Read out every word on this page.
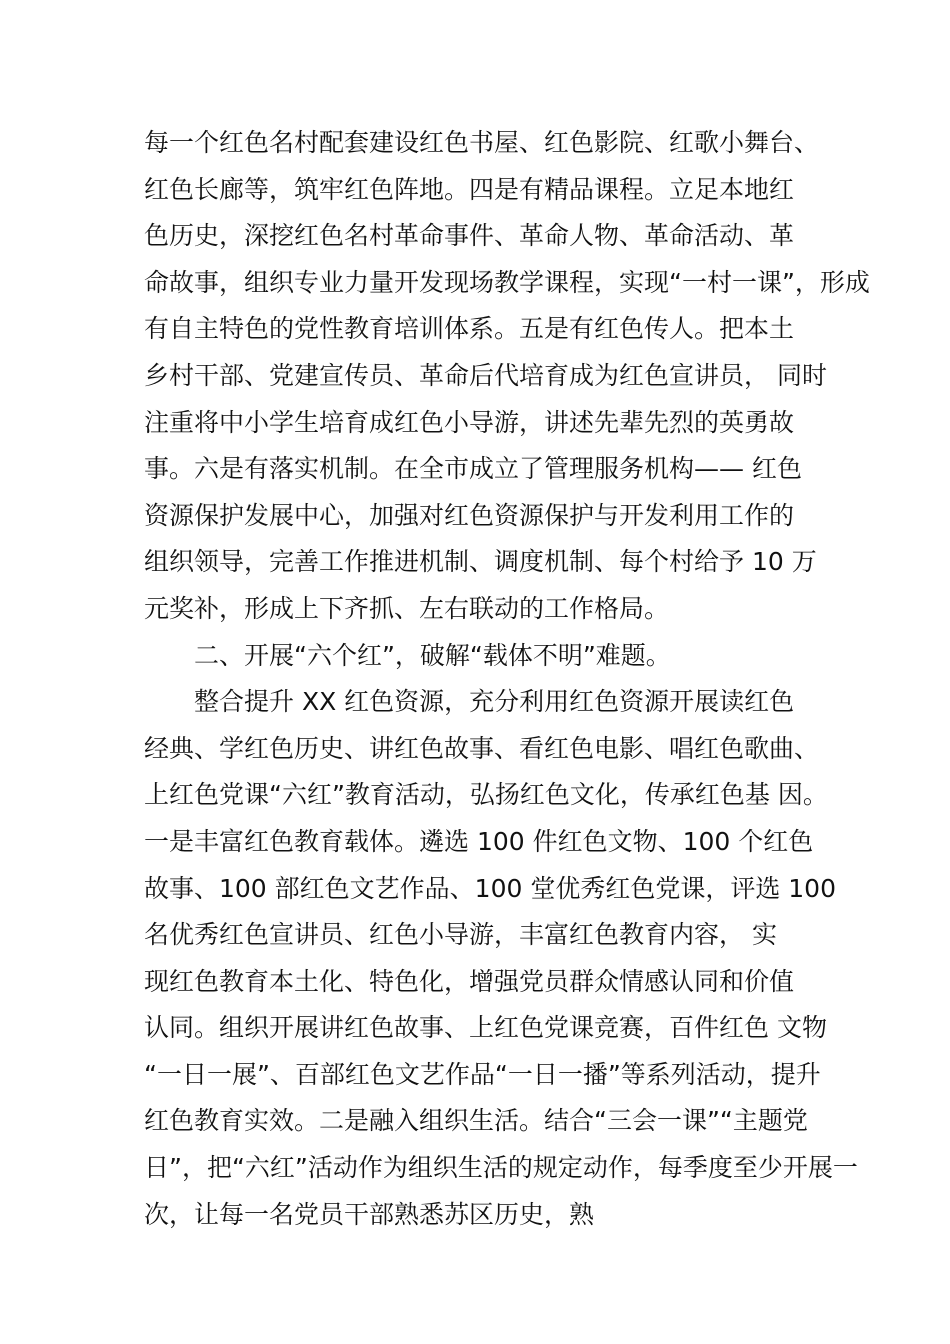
每一个红色名村配套建设红色书屋、红色影院、红歌小舞台、
红色长廊等，筑牢红色阵地。四是有精品课程。立足本地红
色历史，深挖红色名村革命事件、革命人物、革命活动、革
命故事，组织专业力量开发现场教学课程，实现“一村一课”，形成
有自主特色的党性教育培训体系。五是有红色传人。把本土
乡村干部、党建宣传员、革命后代培育成为红色宣讲员， 同时
注重将中小学生培育成红色小导游，讲述先辈先烈的英勇故
事。六是有落实机制。在全市成立了管理服务机构—— 红色
资源保护发展中心，加强对红色资源保护与开发利用工作的
组织领导，完善工作推进机制、调度机制、每个村给予 10 万
元奖补，形成上下齐抓、左右联动的工作格局。
二、开展“六个红”，破解“载体不明”难题。
整合提升 XX 红色资源，充分利用红色资源开展读红色
经典、学红色历史、讲红色故事、看红色电影、唱红色歌曲、
上红色党课“六红”教育活动，弘扬红色文化，传承红色基 因。
一是丰富红色教育载体。遴选 100 件红色文物、100 个红色
故事、100 部红色文艺作品、100 堂优秀红色党课，评选 100
名优秀红色宣讲员、红色小导游，丰富红色教育内容， 实
现红色教育本土化、特色化，增强党员群众情感认同和价值
认同。组织开展讲红色故事、上红色党课竞赛，百件红色 文物
“一日一展”、百部红色文艺作品“一日一播”等系列活动，提升
红色教育实效。二是融入组织生活。结合“三会一课”“主题党
日”，把“六红”活动作为组织生活的规定动作，每季度至少开展一
次，让每一名党员干部熟悉苏区历史，熟
